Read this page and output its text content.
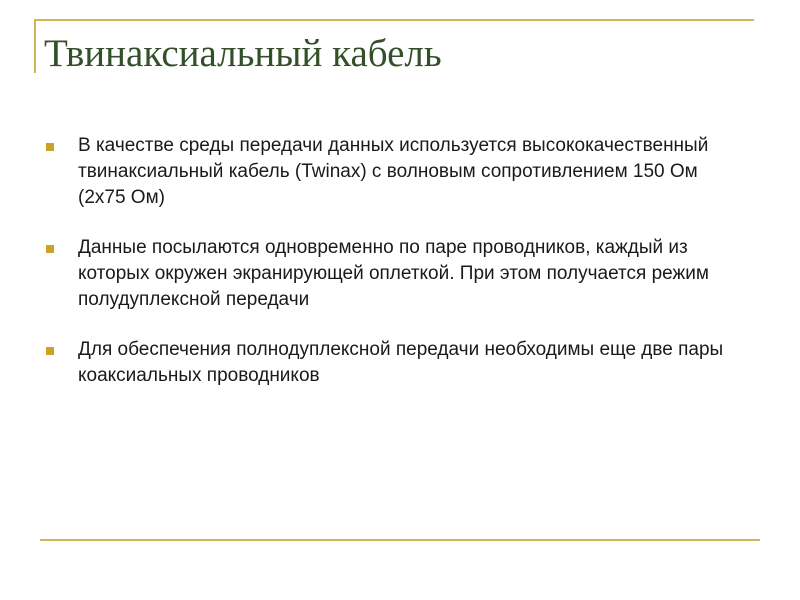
Твинаксиальный кабель
В качестве среды передачи данных используется высококачественный твинаксиальный кабель (Twinax) с волновым сопротивлением 150 Ом (2x75 Ом)
Данные посылаются одновременно по паре проводников, каждый из которых окружен экранирующей оплеткой. При этом получается режим полудуплексной передачи
Для обеспечения полнодуплексной передачи необходимы еще две пары коаксиальных проводников
